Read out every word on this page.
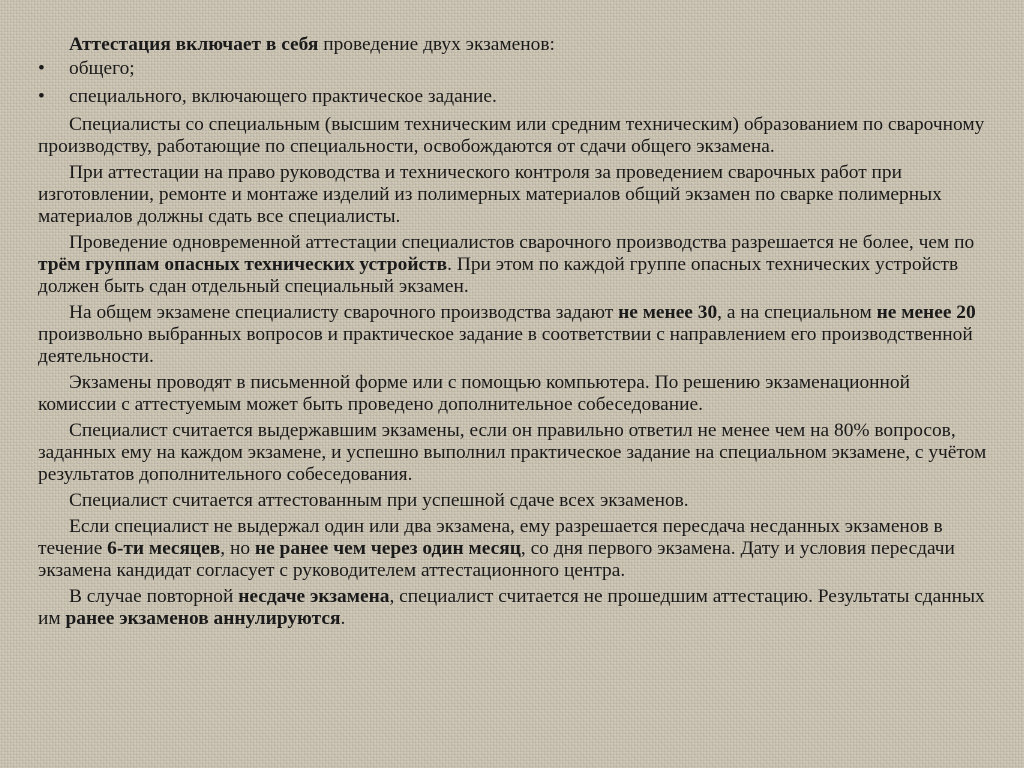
Аттестация включает в себя проведение двух экзаменов:

• общего;
• специального, включающего практическое задание.

Специалисты со специальным (высшим техническим или средним техническим) образованием по сварочному производству, работающие по специальности, освобождаются от сдачи общего экзамена.

При аттестации на право руководства и технического контроля за проведением сварочных работ при изготовлении, ремонте и монтаже изделий из полимерных материалов общий экзамен по сварке полимерных материалов должны сдать все специалисты.

Проведение одновременной аттестации специалистов сварочного производства разрешается не более, чем по трём группам опасных технических устройств. При этом по каждой группе опасных технических устройств должен быть сдан отдельный специальный экзамен.

На общем экзамене специалисту сварочного производства задают не менее 30, а на специальном не менее 20 произвольно выбранных вопросов и практическое задание в соответствии с направлением его производственной деятельности.

Экзамены проводят в письменной форме или с помощью компьютера. По решению экзаменационной комиссии с аттестуемым может быть проведено дополнительное собеседование.

Специалист считается выдержавшим экзамены, если он правильно ответил не менее чем на 80% вопросов, заданных ему на каждом экзамене, и успешно выполнил практическое задание на специальном экзамене, с учётом результатов дополнительного собеседования.

Специалист считается аттестованным при успешной сдаче всех экзаменов.

Если специалист не выдержал один или два экзамена, ему разрешается пересдача несданных экзаменов в течение 6-ти месяцев, но не ранее чем через один месяц, со дня первого экзамена. Дату и условия пересдачи экзамена кандидат согласует с руководителем аттестационного центра.

В случае повторной несдаче экзамена, специалист считается не прошедшим аттестацию. Результаты сданных им ранее экзаменов аннулируются.
